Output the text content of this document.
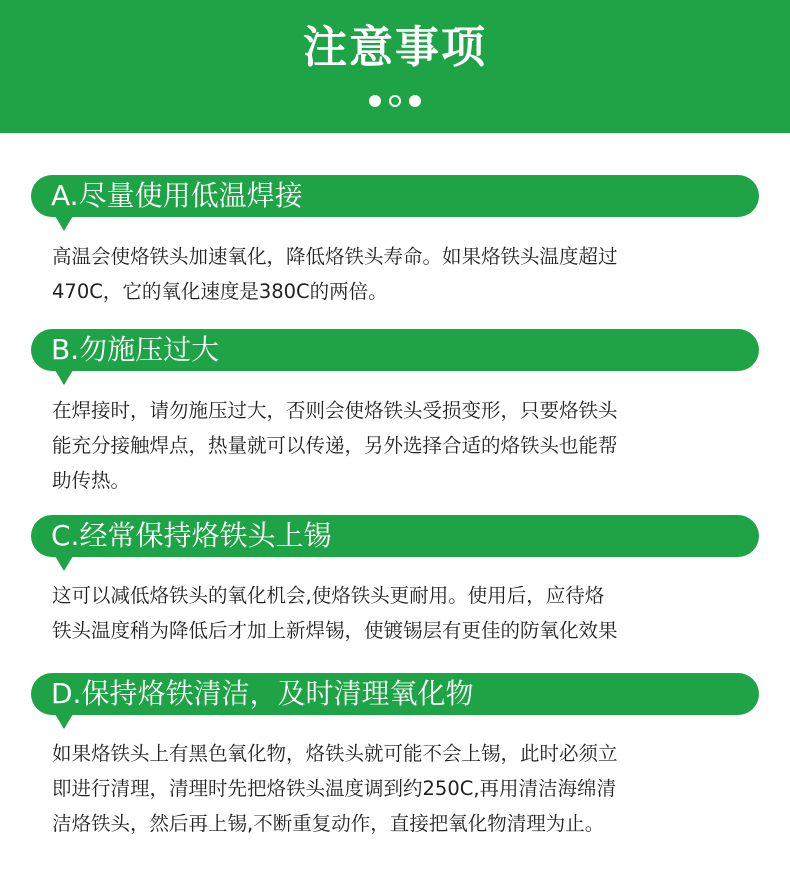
注意事项
A.尽量使用低温焊接
高温会使烙铁头加速氧化，降低烙铁头寿命。如果烙铁头温度超过
470C，它的氧化速度是380C的两倍。
B.勿施压过大
在焊接时，请勿施压过大，否则会使烙铁头受损变形，只要烙铁头
能充分接触焊点，热量就可以传递，另外选择合适的烙铁头也能帮
助传热。
C.经常保持烙铁头上锡
这可以减低烙铁头的氧化机会,使烙铁头更耐用。使用后，应待烙
铁头温度稍为降低后才加上新焊锡，使镀锡层有更佳的防氧化效果
D.保持烙铁清洁，及时清理氧化物
如果烙铁头上有黑色氧化物，烙铁头就可能不会上锡，此时必须立
即进行清理，清理时先把烙铁头温度调到约250C,再用清洁海绵清
洁烙铁头，然后再上锡,不断重复动作，直接把氧化物清理为止。
